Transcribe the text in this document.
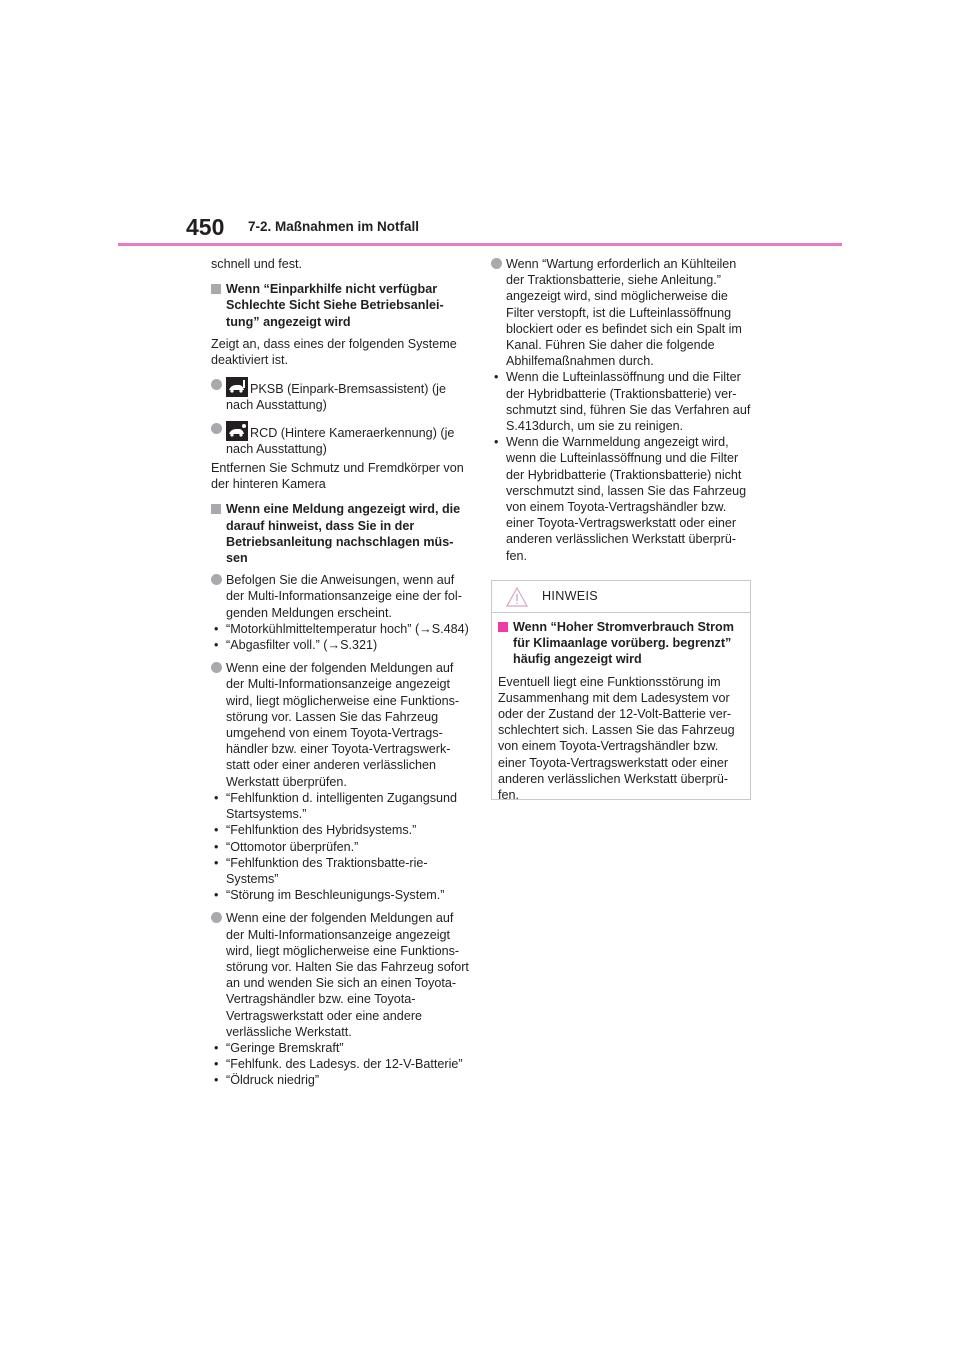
450 7-2. Maßnahmen im Notfall

schnell und fest.

Wenn “Einparkhilfe nicht verfügbar Schlechte Sicht Siehe Betriebsanlei-tung” angezeigt wird

Zeigt an, dass eines der folgenden Systeme deaktiviert ist.

PKSB (Einpark-Bremsassistent) (je nach Ausstattung)
RCD (Hintere Kameraerkennung) (je nach Ausstattung)

Entfernen Sie Schmutz und Fremdkörper von der hinteren Kamera

Wenn eine Meldung angezeigt wird, die darauf hinweist, dass Sie in der Betriebsanleitung nachschlagen müs-sen
Befolgen Sie die Anweisungen, wenn auf der Multi-Informationsanzeige eine der fol-genden Meldungen erscheint.
• “Motorkühlmitteltemperatur hoch” (→S.484)
• “Abgasfilter voll.” (→S.321)
Wenn eine der folgenden Meldungen auf der Multi-Informationsanzeige angezeigt wird, liegt möglicherweise eine Funktions-störung vor. Lassen Sie das Fahrzeug umgehend von einem Toyota-Vertrags-händler bzw. einer Toyota-Vertragswerk-statt oder einer anderen verlässlichen Werkstatt überprüfen.
• “Fehlfunktion d. intelligenten Zugangsund Startsystems.”
• “Fehlfunktion des Hybridsystems.”
• “Ottomotor überprüfen.”
• “Fehlfunktion des Traktionsbatte-rie-Systems”
• “Störung im Beschleunigungs-System.”
Wenn eine der folgenden Meldungen auf der Multi-Informationsanzeige angezeigt wird, liegt möglicherweise eine Funktions-störung vor. Halten Sie das Fahrzeug sofort an und wenden Sie sich an einen Toyota-Vertragshändler bzw. eine Toyota-Vertragswerkstatt oder eine andere verlässliche Werkstatt.
• “Geringe Bremskraft”
• “Fehlfunk. des Ladesys. der 12-V-Batterie”
• “Öldruck niedrig”
Wenn “Wartung erforderlich an Kühlteilen der Traktionsbatterie, siehe Anleitung.” angezeigt wird, sind möglicherweise die Filter verstopft, ist die Lufteinlassöffnung blockiert oder es befindet sich ein Spalt im Kanal. Führen Sie daher die folgende Abhilfemaßnahmen durch.
• Wenn die Lufteinlassöffnung und die Filter der Hybridbatterie (Traktionsbatterie) ver-schmutzt sind, führen Sie das Verfahren auf S.413durch, um sie zu reinigen.
• Wenn die Warnmeldung angezeigt wird, wenn die Lufteinlassöffnung und die Filter der Hybridbatterie (Traktionsbatterie) nicht verschmutzt sind, lassen Sie das Fahrzeug von einem Toyota-Vertragshändler bzw. einer Toyota-Vertragswerkstatt oder einer anderen verlässlichen Werkstatt überprü-fen.
HINWEIS
Wenn “Hoher Stromverbrauch Strom für Klimaanlage vorüberg. begrenzt” häufig angezeigt wird

Eventuell liegt eine Funktionsstörung im Zusammenhang mit dem Ladesystem vor oder der Zustand der 12-Volt-Batterie ver-schlechtert sich. Lassen Sie das Fahrzeug von einem Toyota-Vertragshändler bzw. einer Toyota-Vertragswerkstatt oder einer anderen verlässlichen Werkstatt überprü-fen.
